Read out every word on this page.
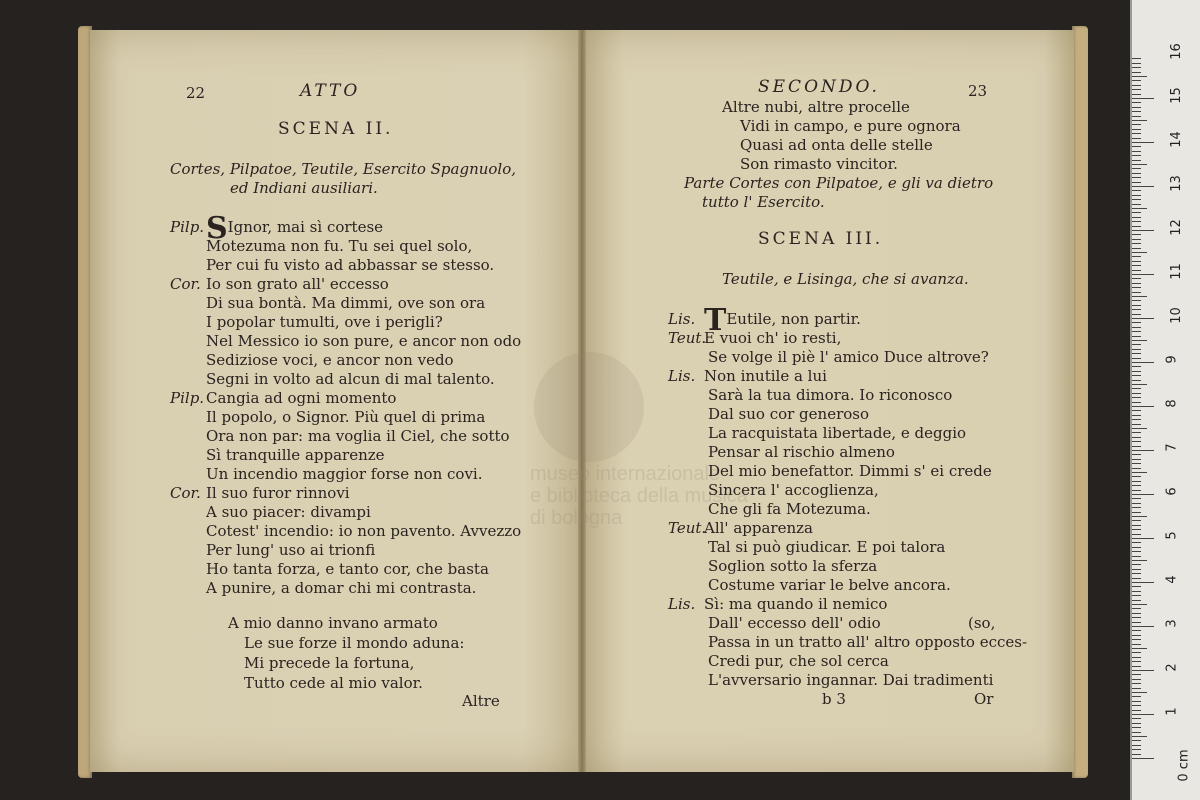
museo internazionale
e biblioteca della musica
di bologna
22	ATTO
SCENA II.
Cortes, Pilpatoe, Teutile, Esercito Spagnuolo,
ed Indiani ausiliari.
Pilp. SIgnor, mai sì cortese
Motezuma non fu. Tu sei quel solo,
Per cui fu visto ad abbassar se stesso.
Cor. Io son grato all' eccesso
Di sua bontà. Ma dimmi, ove son ora
I popolar tumulti, ove i perigli?
Nel Messico io son pure, e ancor non odo
Sediziose voci, e ancor non vedo
Segni in volto ad alcun di mal talento.
Pilp. Cangia ad ogni momento
Il popolo, o Signor. Più quel di prima
Ora non par: ma voglia il Ciel, che sotto
Sì tranquille apparenze
Un incendio maggior forse non covi.
Cor. Il suo furor rinnovi
A suo piacer: divampi
Cotest' incendio: io non pavento. Avvezzo
Per lung' uso ai trionfi
Ho tanta forza, e tanto cor, che basta
A punire, a domar chi mi contrasta.
A mio danno invano armato
Le sue forze il mondo aduna:
Mi precede la fortuna,
Tutto cede al mio valor.
Altre
SECONDO.	23
Altre nubi, altre procelle
Vidi in campo, e pure ognora
Quasi ad onta delle stelle
Son rimasto vincitor.
Parte Cortes con Pilpatoe, e gli va dietro
tutto l' Esercito.
SCENA III.
Teutile, e Lisinga, che si avanza.
Lis. TEutile, non partir.
Teut.
E vuoi ch' io resti,
Se volge il piè l' amico Duce altrove?
Lis. Non inutile a lui
Sarà la tua dimora. Io riconosco
Dal suo cor generoso
La racquistata libertade, e deggio
Pensar al rischio almeno
Del mio benefattor. Dimmi s' ei crede
Sincera l' accoglienza,
Che gli fa Motezuma.
Teut.
All' apparenza
Tal si può giudicar. E poi talora
Soglion sotto la sferza
Costume variar le belve ancora.
Lis. Sì: ma quando il nemico
Dall' eccesso dell' odio	(so,
Passa in un tratto all' altro opposto ecces-
Credi pur, che sol cerca
L'avversario ingannar. Dai tradimenti
b 3	Or
0 cm
1
2
3
4
5
6
7
8
9
10
11
12
13
14
15
16
